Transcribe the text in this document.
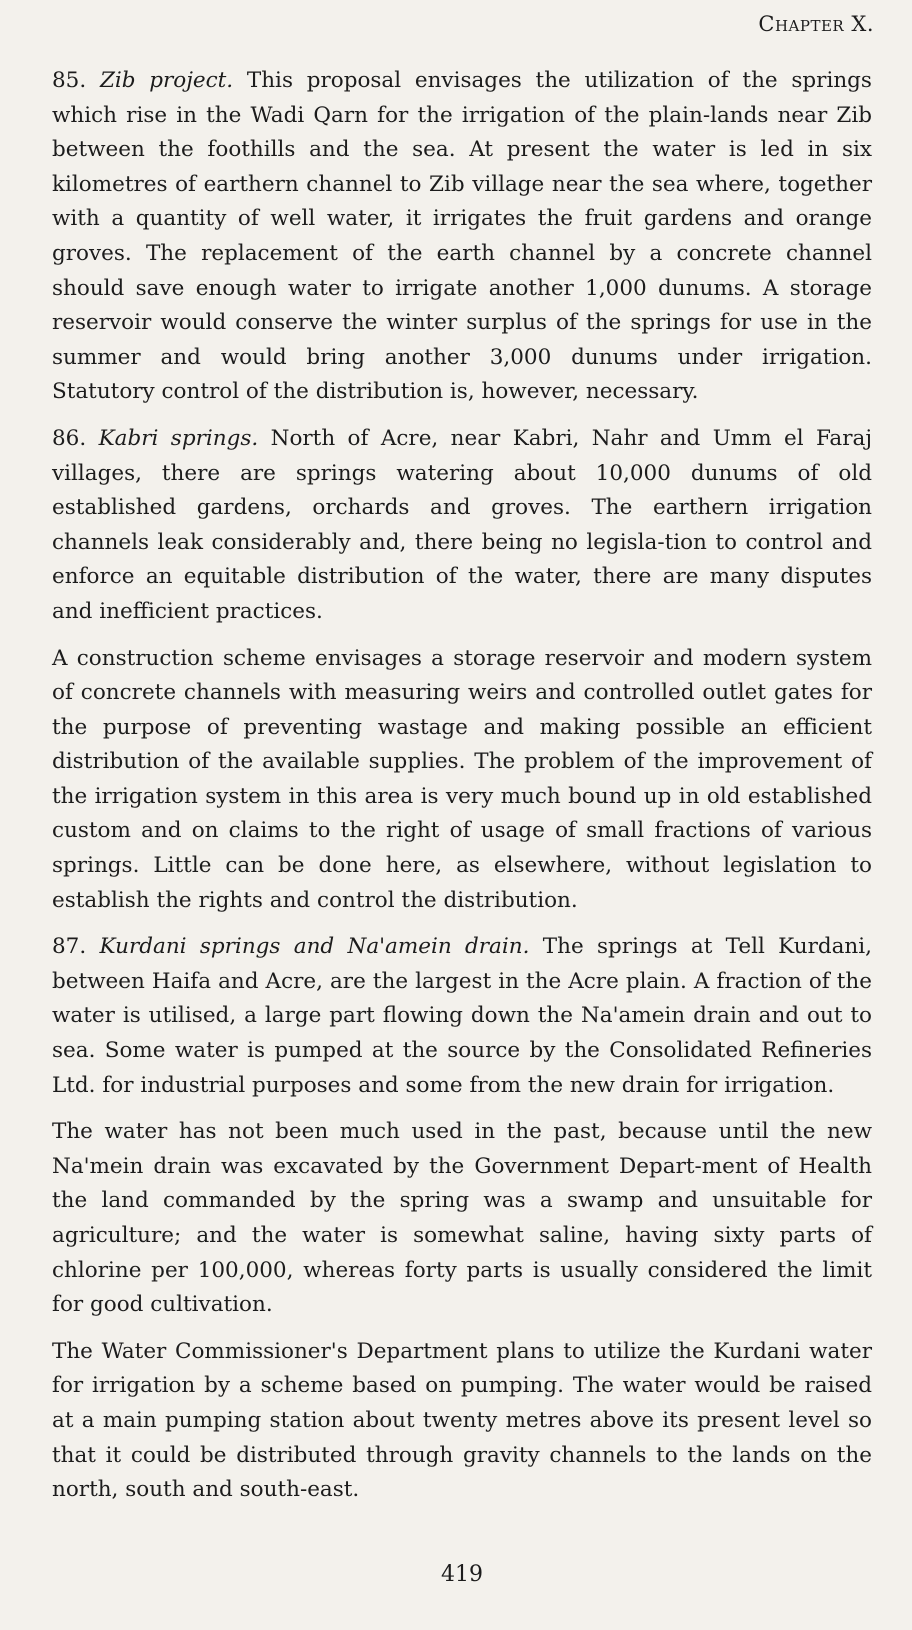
Chapter X.

85. Zib project. This proposal envisages the utilization of the springs which rise in the Wadi Qarn for the irrigation of the plain-lands near Zib between the foothills and the sea. At present the water is led in six kilometres of earthern channel to Zib village near the sea where, together with a quantity of well water, it irrigates the fruit gardens and orange groves. The replacement of the earth channel by a concrete channel should save enough water to irrigate another 1,000 dunums. A storage reservoir would conserve the winter surplus of the springs for use in the summer and would bring another 3,000 dunums under irrigation. Statutory control of the distribution is, however, necessary.

86. Kabri springs. North of Acre, near Kabri, Nahr and Umm el Faraj villages, there are springs watering about 10,000 dunums of old established gardens, orchards and groves. The earthern irrigation channels leak considerably and, there being no legisla-tion to control and enforce an equitable distribution of the water, there are many disputes and inefficient practices.

A construction scheme envisages a storage reservoir and modern system of concrete channels with measuring weirs and controlled outlet gates for the purpose of preventing wastage and making possible an efficient distribution of the available supplies. The problem of the improvement of the irrigation system in this area is very much bound up in old established custom and on claims to the right of usage of small fractions of various springs. Little can be done here, as elsewhere, without legislation to establish the rights and control the distribution.

87. Kurdani springs and Na'amein drain. The springs at Tell Kurdani, between Haifa and Acre, are the largest in the Acre plain. A fraction of the water is utilised, a large part flowing down the Na'amein drain and out to sea. Some water is pumped at the source by the Consolidated Refineries Ltd. for industrial purposes and some from the new drain for irrigation.

The water has not been much used in the past, because until the new Na'mein drain was excavated by the Government Depart-ment of Health the land commanded by the spring was a swamp and unsuitable for agriculture; and the water is somewhat saline, having sixty parts of chlorine per 100,000, whereas forty parts is usually considered the limit for good cultivation.

The Water Commissioner's Department plans to utilize the Kurdani water for irrigation by a scheme based on pumping. The water would be raised at a main pumping station about twenty metres above its present level so that it could be distributed through gravity channels to the lands on the north, south and south-east.

419
